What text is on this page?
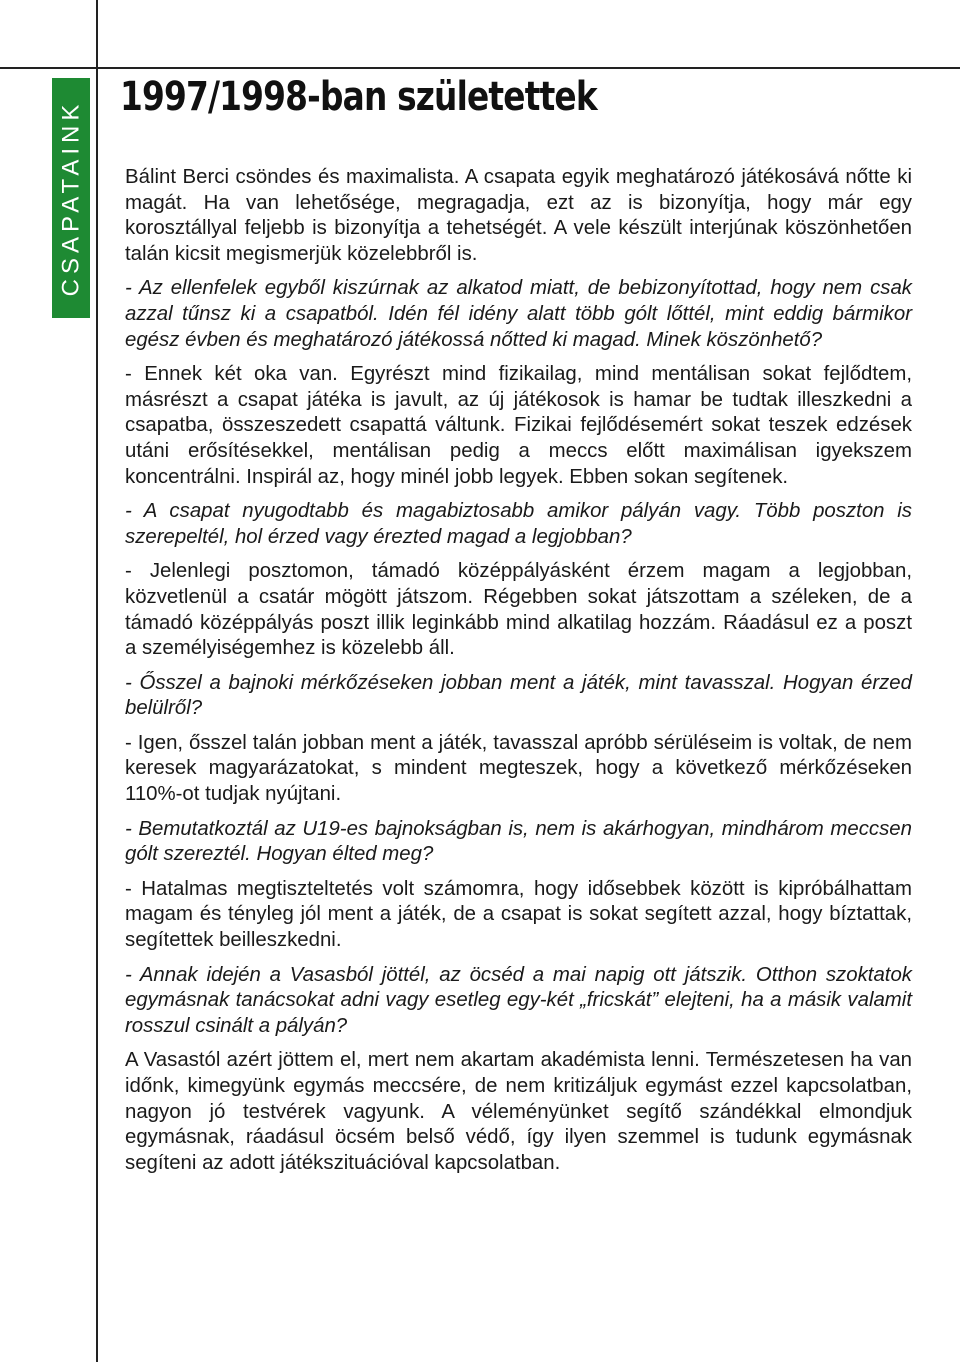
CSAPATAINK
1997/1998-ban születettek

Bálint Berci csöndes és maximalista. A csapata egyik meghatározó játékosává nőtte ki magát. Ha van lehetősége, megragadja, ezt az is bizonyítja, hogy már egy korosztállyal feljebb is bizonyítja a tehetségét. A vele készült interjúnak köszönhetően talán kicsit megismerjük közelebbről is.

- Az ellenfelek egyből kiszúrnak az alkatod miatt, de bebizonyítottad, hogy nem csak azzal tűnsz ki a csapatból. Idén fél idény alatt több gólt lőttél, mint eddig bármikor egész évben és meghatározó játékossá nőtted ki magad. Minek köszönhető?

- Ennek két oka van. Egyrészt mind fizikailag, mind mentálisan sokat fejlődtem, másrészt a csapat játéka is javult, az új játékosok is hamar be tudtak illeszkedni a csapatba, összeszedett csapattá váltunk. Fizikai fejlődésemért sokat teszek edzések utáni erősítésekkel, mentálisan pedig a meccs előtt maximálisan igyekszem koncentrálni. Inspirál az, hogy minél jobb legyek. Ebben sokan segítenek.

- A csapat nyugodtabb és magabiztosabb amikor pályán vagy. Több poszton is szerepeltél, hol érzed vagy érezted magad a legjobban?

- Jelenlegi posztomon, támadó középpályásként érzem magam a legjobban, közvetlenül a csatár mögött játszom. Régebben sokat játszottam a széleken, de a támadó középpályás poszt illik leginkább mind alkatilag hozzám. Ráadásul ez a poszt a személyiségemhez is közelebb áll.

- Ősszel a bajnoki mérkőzéseken jobban ment a játék, mint tavasszal. Hogyan érzed belülről?

- Igen, ősszel talán jobban ment a játék, tavasszal apróbb sérüléseim is voltak, de nem keresek magyarázatokat, s mindent megteszek, hogy a következő mérkőzéseken 110%-ot tudjak nyújtani.

- Bemutatkoztál az U19-es bajnokságban is, nem is akárhogyan, mindhárom meccsen gólt szereztél. Hogyan élted meg?

- Hatalmas megtiszteltetés volt számomra, hogy idősebbek között is kipróbálhattam magam és tényleg jól ment a játék, de a csapat is sokat segített azzal, hogy bíztattak, segítettek beilleszkedni.

- Annak idején a Vasasból jöttél, az öcséd a mai napig ott játszik. Otthon szoktatok egymásnak tanácsokat adni vagy esetleg egy-két „fricskát” elejteni, ha a másik valamit rosszul csinált a pályán?

A Vasastól azért jöttem el, mert nem akartam akadémista lenni. Természetesen ha van időnk, kimegyünk egymás meccsére, de nem kritizáljuk egymást ezzel kapcsolatban, nagyon jó testvérek vagyunk. A véleményünket segítő szándékkal elmondjuk egymásnak, ráadásul öcsém belső védő, így ilyen szemmel is tudunk egymásnak segíteni az adott játékszituációval kapcsolatban.
